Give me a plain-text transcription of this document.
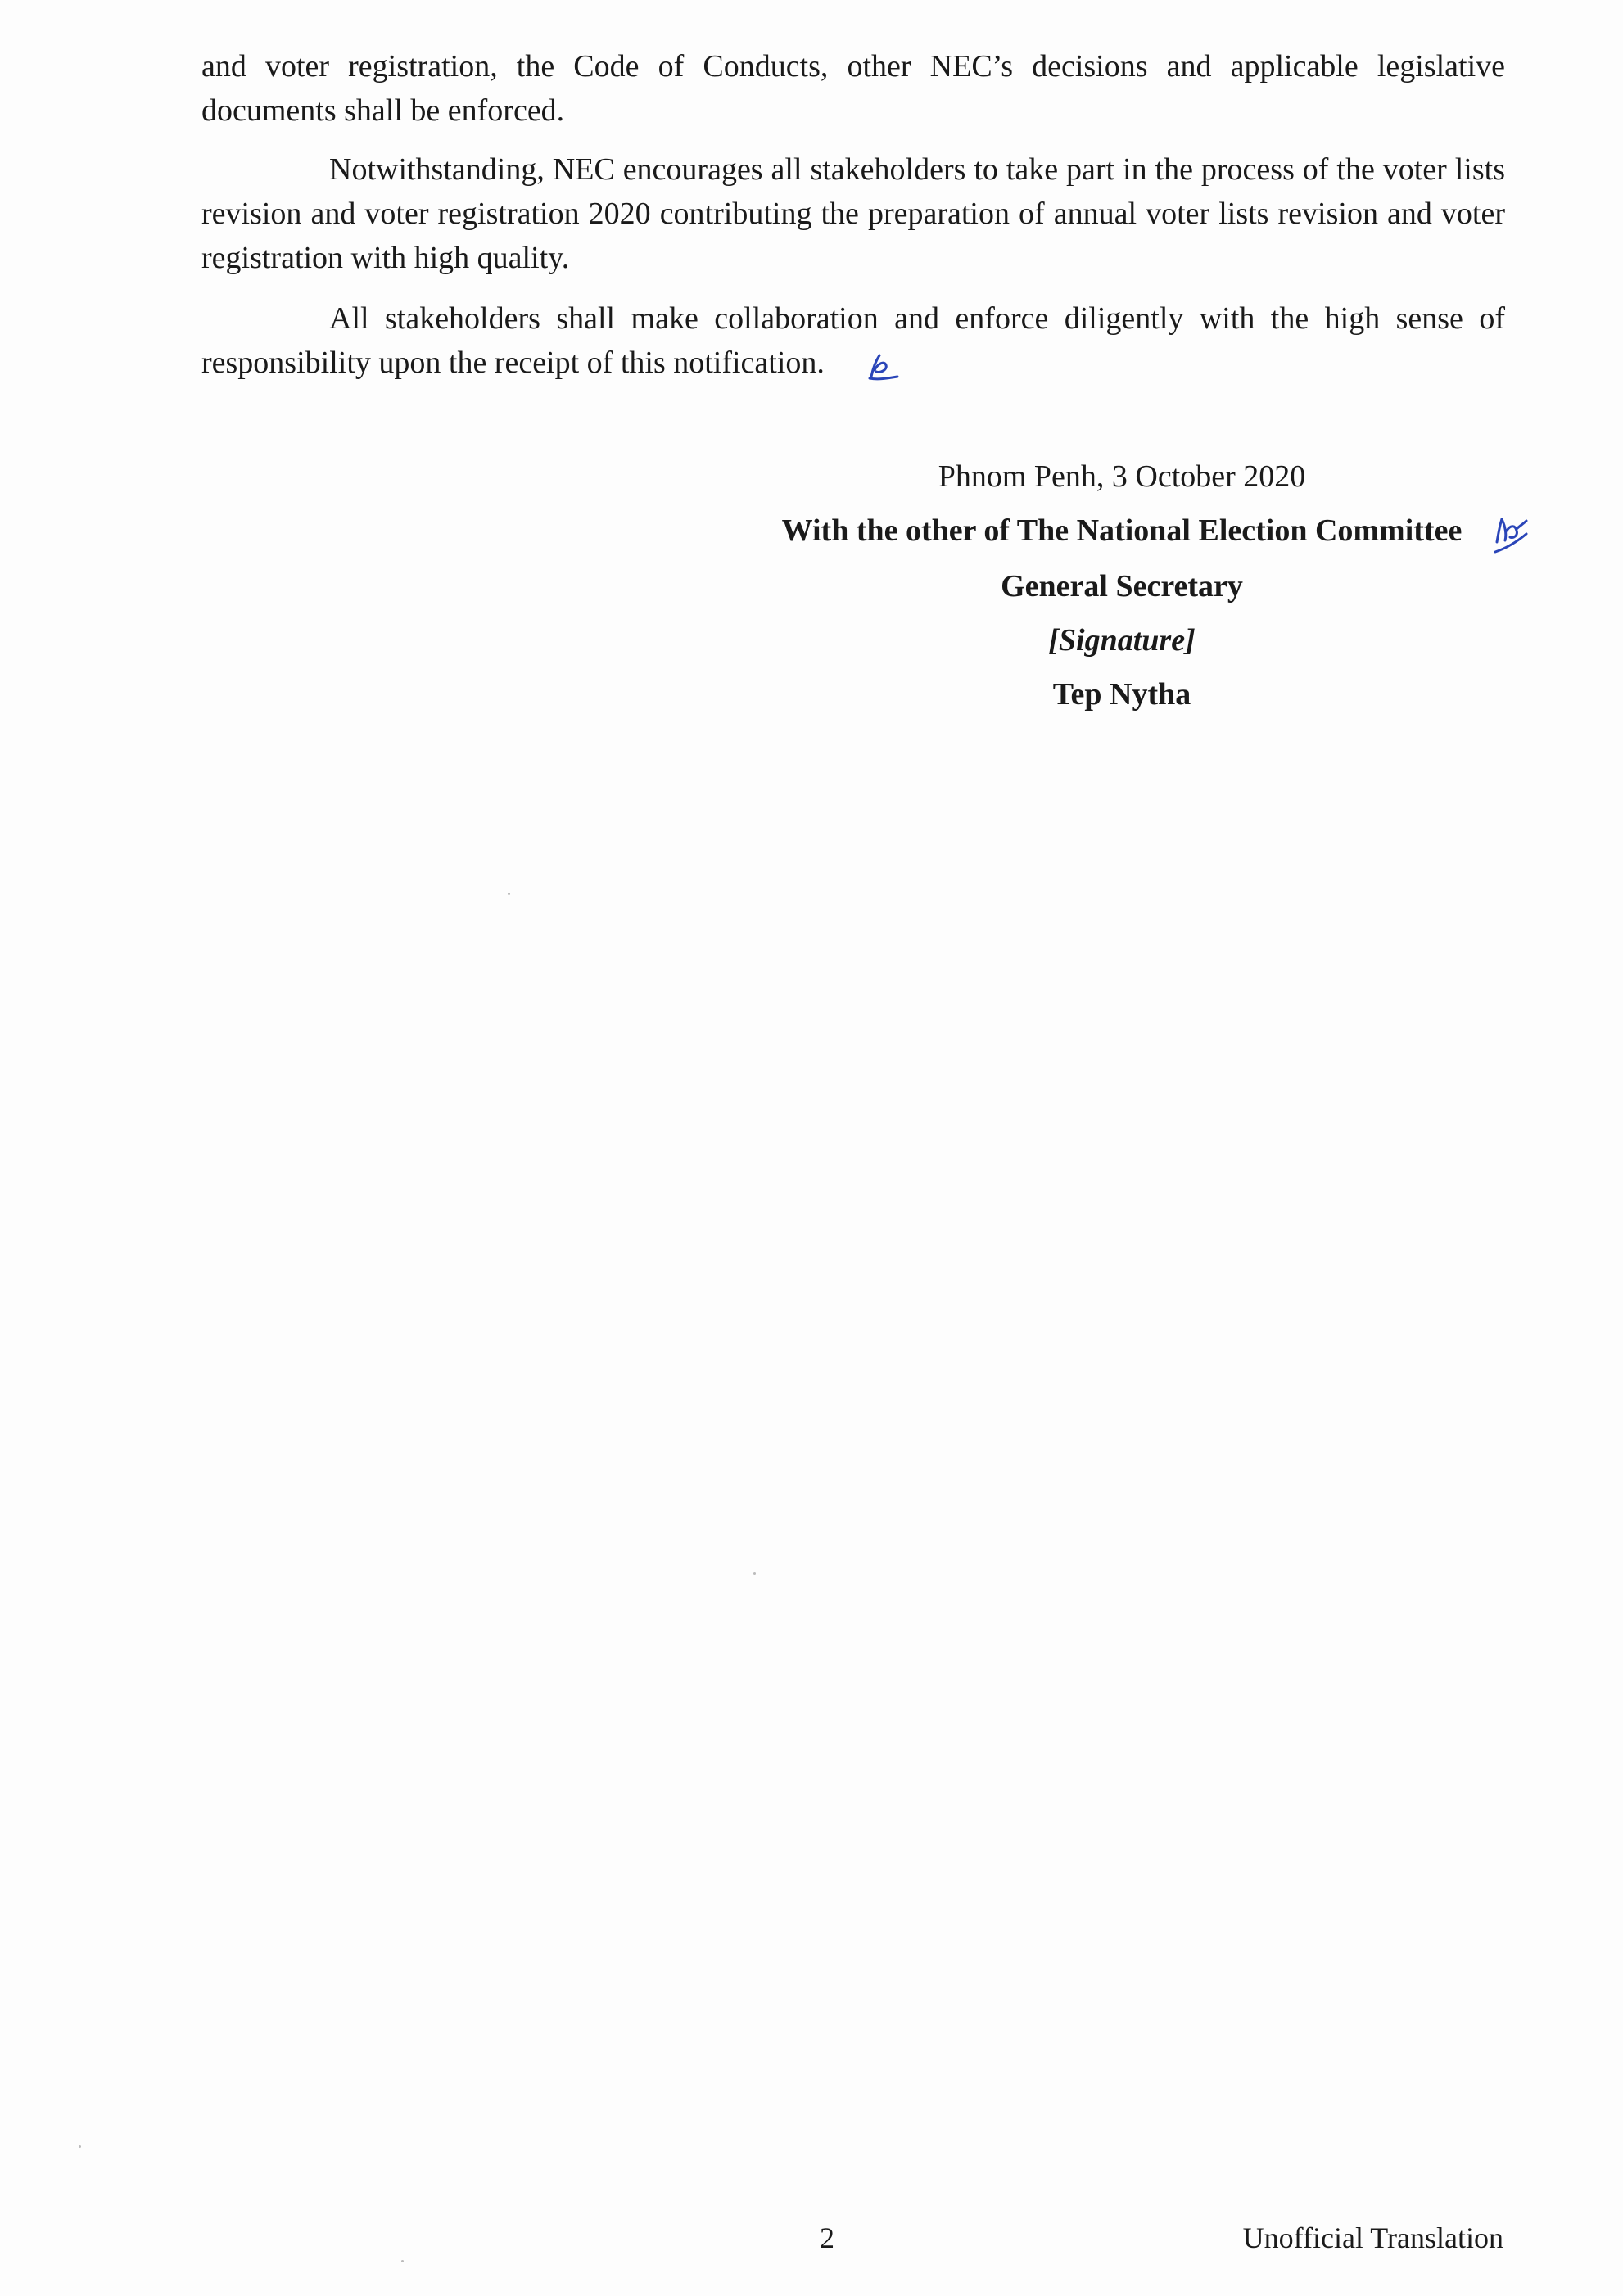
and voter registration, the Code of Conducts, other NEC’s decisions and applicable legislative documents shall be enforced.
Notwithstanding, NEC encourages all stakeholders to take part in the process of the voter lists revision and voter registration 2020 contributing the preparation of annual voter lists revision and voter registration with high quality.
All stakeholders shall make collaboration and enforce diligently with the high sense of responsibility upon the receipt of this notification.
Phnom Penh, 3 October 2020
With the other of The National Election Committee
General Secretary
[Signature]
Tep Nytha
2	Unofficial Translation
